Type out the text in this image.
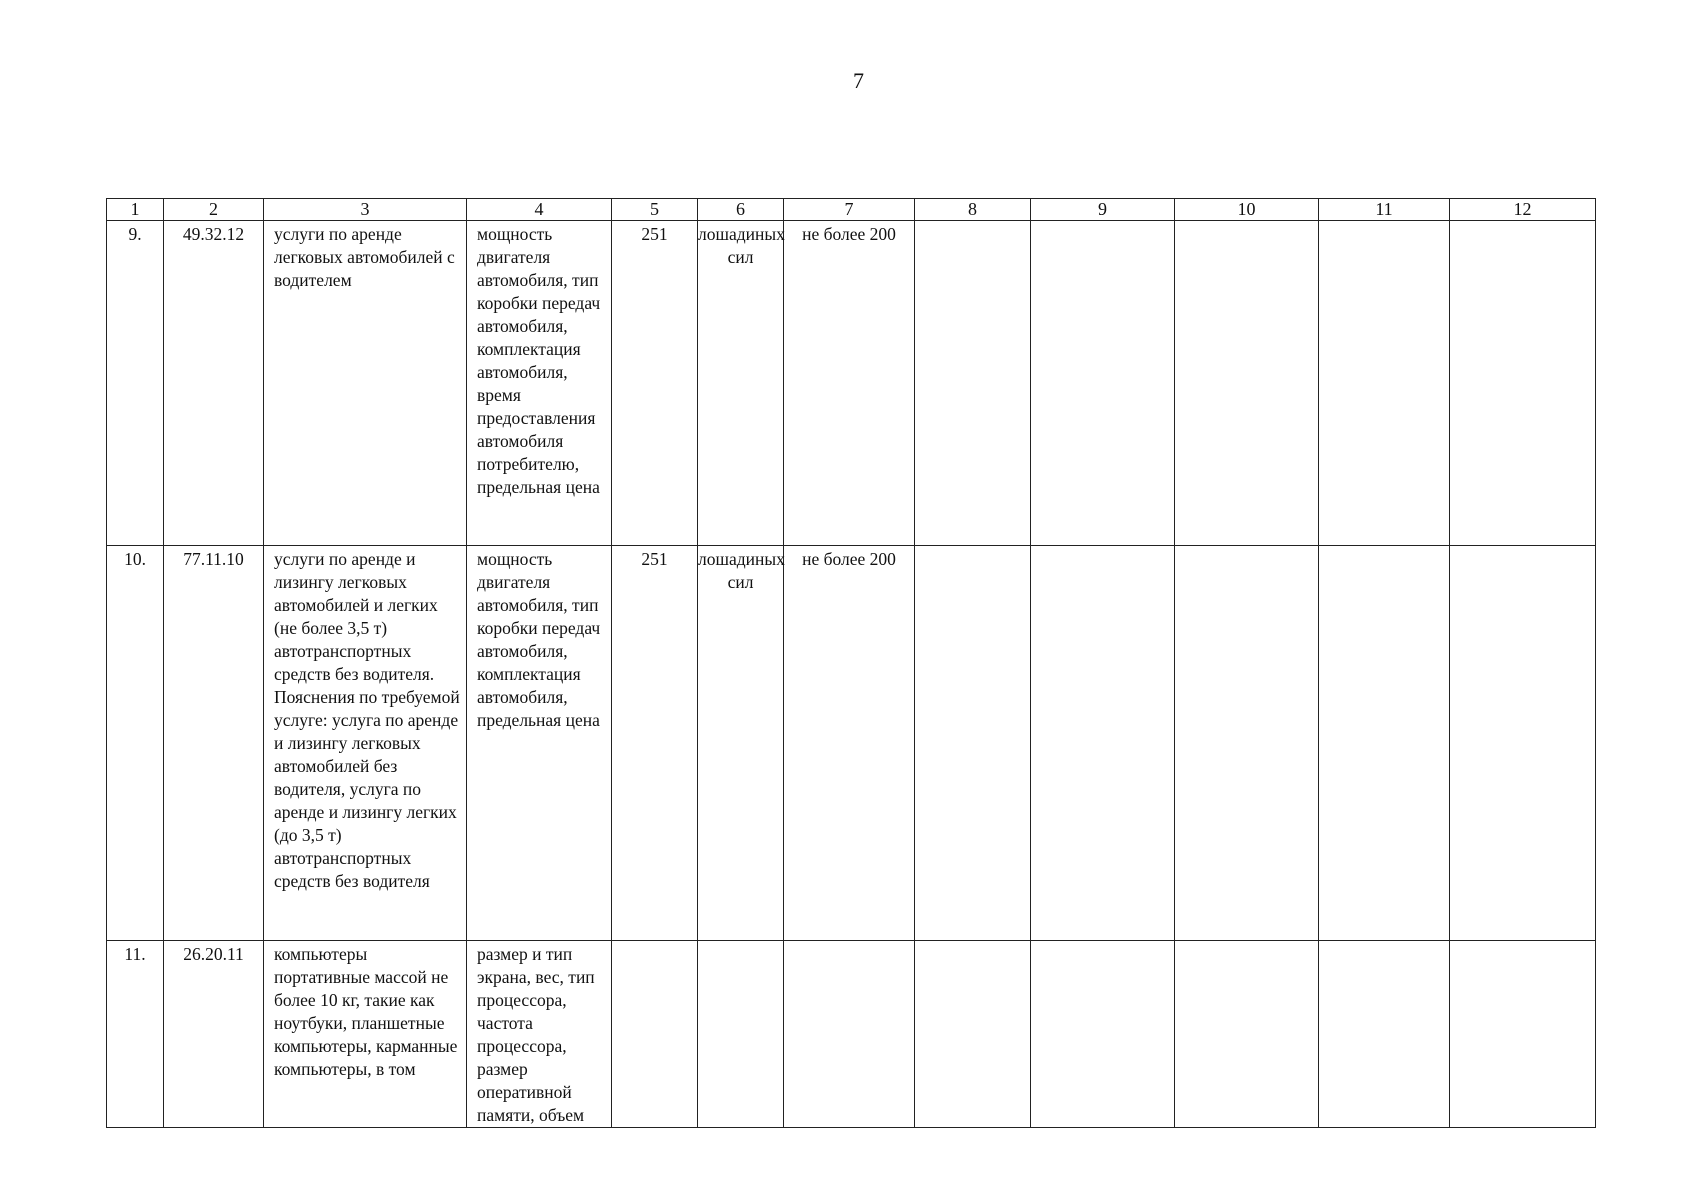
7
1	2	3	4	5	6	7	8	9	10	11	12
9.	49.32.12	услуги по аренде легковых автомобилей с водителем	мощность двигателя автомобиля, тип коробки передач автомобиля, комплектация автомобиля, время предоставления автомобиля потребителю, предельная цена	251	лошадиных сил	не более 200					
10.	77.11.10	услуги по аренде и лизингу легковых автомобилей и легких (не более 3,5 т) автотранспортных средств без водителя. Пояснения по требуемой услуге: услуга по аренде и лизингу легковых автомобилей без водителя, услуга по аренде и лизингу легких (до 3,5 т) автотранспортных средств без водителя	мощность двигателя автомобиля, тип коробки передач автомобиля, комплектация автомобиля, предельная цена	251	лошадиных сил	не более 200					
11.	26.20.11	компьютеры портативные массой не более 10 кг, такие как ноутбуки, планшетные компьютеры, карманные компьютеры, в том	размер и тип экрана, вес, тип процессора, частота процессора, размер оперативной памяти, объем								
